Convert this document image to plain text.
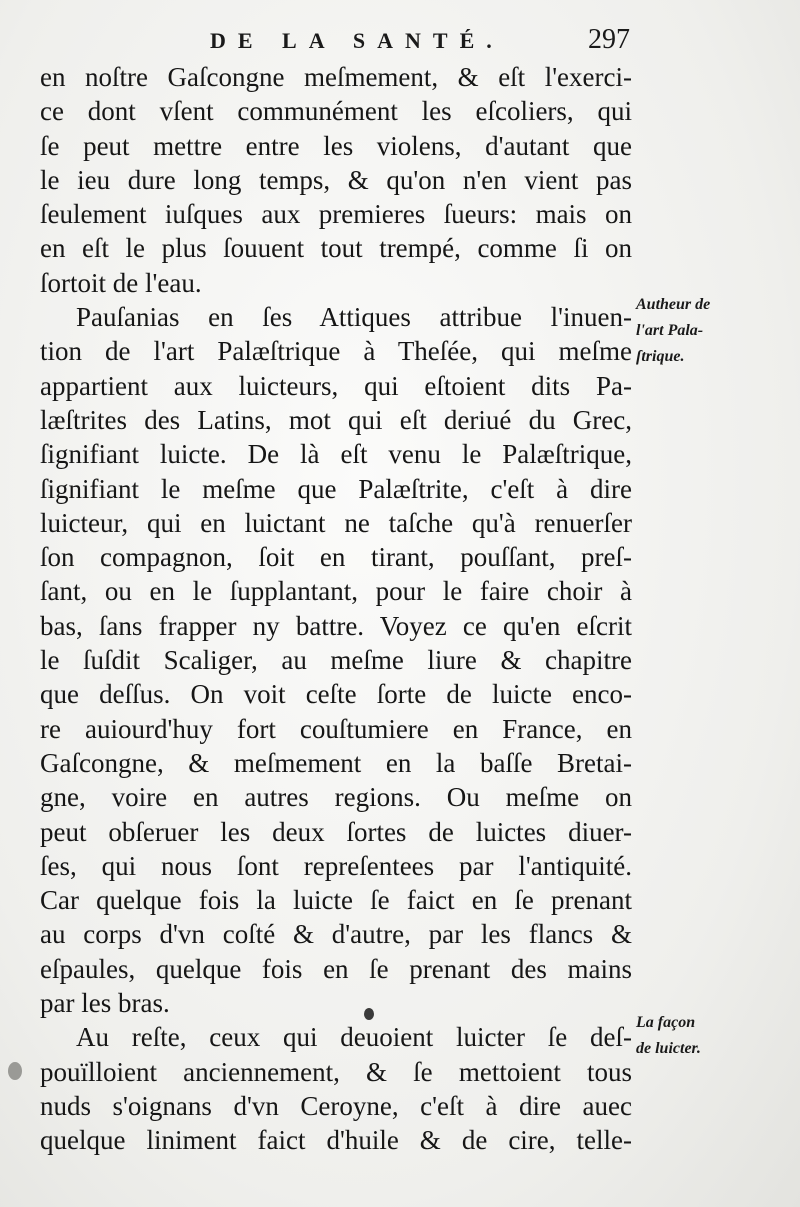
DE LA SANTÉ.	297
en noſtre Gaſcongne meſmement, & eſt l'exerci-
ce dont vſent communément les eſcoliers, qui
ſe peut mettre entre les violens, d'autant que
le ieu dure long temps, & qu'on n'en vient pas
ſeulement iuſques aux premieres ſueurs: mais on
en eſt le plus ſouuent tout trempé, comme ſi on
ſortoit de l'eau.
Pauſanias en ſes Attiques attribue l'inuen-
tion de l'art Palæſtrique à Theſée, qui meſme
appartient aux luicteurs, qui eſtoient dits Pa-
læſtrites des Latins, mot qui eſt deriué du Grec,
ſignifiant luicte. De là eſt venu le Palæſtrique,
ſignifiant le meſme que Palæſtrite, c'eſt à dire
luicteur, qui en luictant ne taſche qu'à renuerſer
ſon compagnon, ſoit en tirant, pouſſant, preſ-
ſant, ou en le ſupplantant, pour le faire choir à
bas, ſans frapper ny battre. Voyez ce qu'en eſcrit
le ſuſdit Scaliger, au meſme liure & chapitre
que deſſus. On voit ceſte ſorte de luicte enco-
re auiourd'huy fort couſtumiere en France, en
Gaſcongne, & meſmement en la baſſe Bretai-
gne, voire en autres regions. Ou meſme on
peut obſeruer les deux ſortes de luictes diuer-
ſes, qui nous ſont repreſentees par l'antiquité.
Car quelque fois la luicte ſe faict en ſe prenant
au corps d'vn coſté & d'autre, par les flancs &
eſpaules, quelque fois en ſe prenant des mains
par les bras.
Au reſte, ceux qui deuoient luicter ſe deſ-
pouïlloient anciennement, & ſe mettoient tous
nuds s'oignans d'vn Ceroyne, c'eſt à dire auec
quelque liniment faict d'huile & de cire, telle-
Autheur de
l'art Pala-
ſtrique.
La façon
de luicter.
